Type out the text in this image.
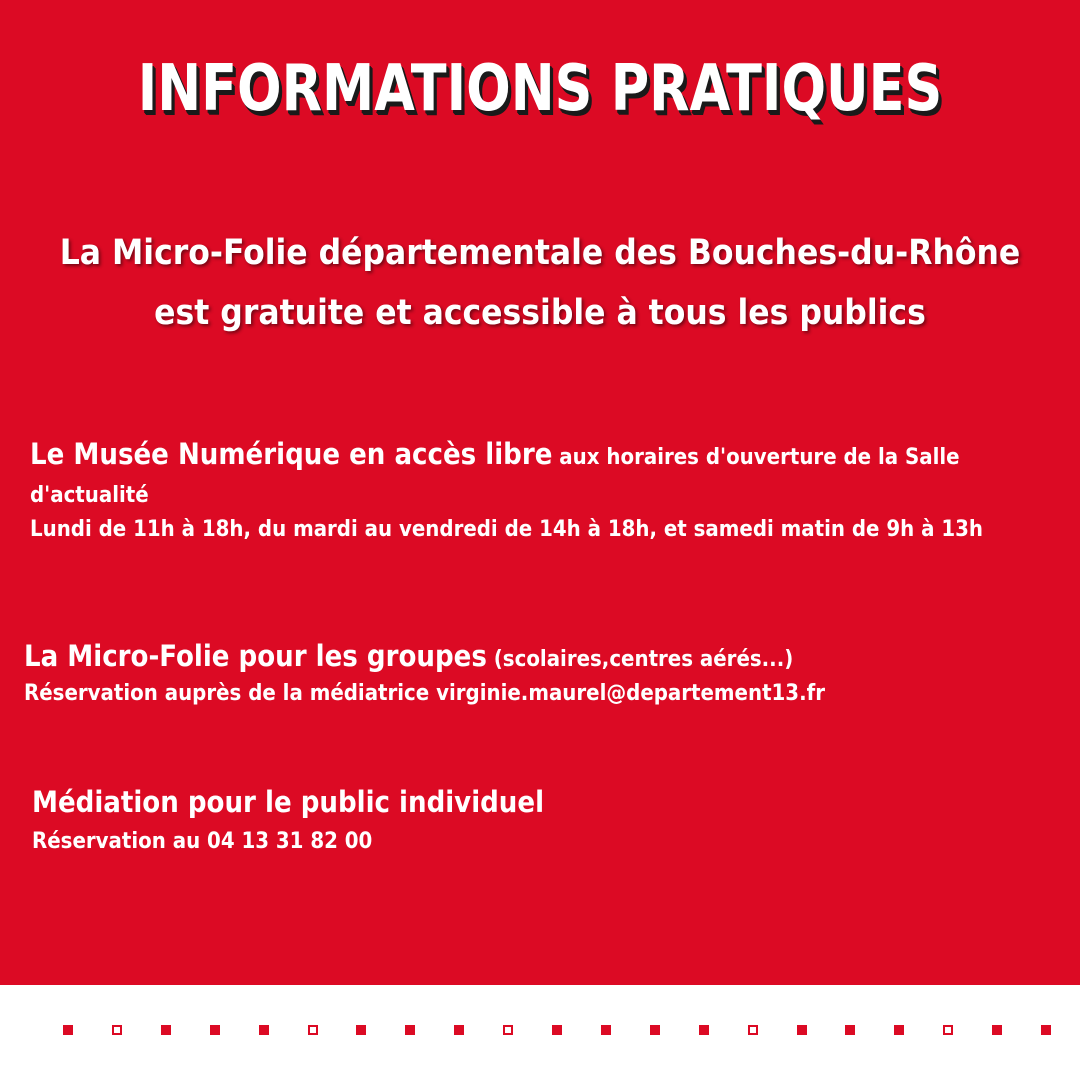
INFORMATIONS PRATIQUES

La Micro-Folie départementale des Bouches-du-Rhône

est gratuite et accessible à tous les publics

Le Musée Numérique en accès libre aux horaires d'ouverture de la Salle
d'actualité
Lundi de 11h à 18h, du mardi au vendredi de 14h à 18h, et samedi matin de 9h à 13h
La Micro-Folie pour les groupes (scolaires,centres aérés...)
Réservation auprès de la médiatrice virginie.maurel@departement13.fr
Médiation pour le public individuel
Réservation au 04 13 31 82 00
